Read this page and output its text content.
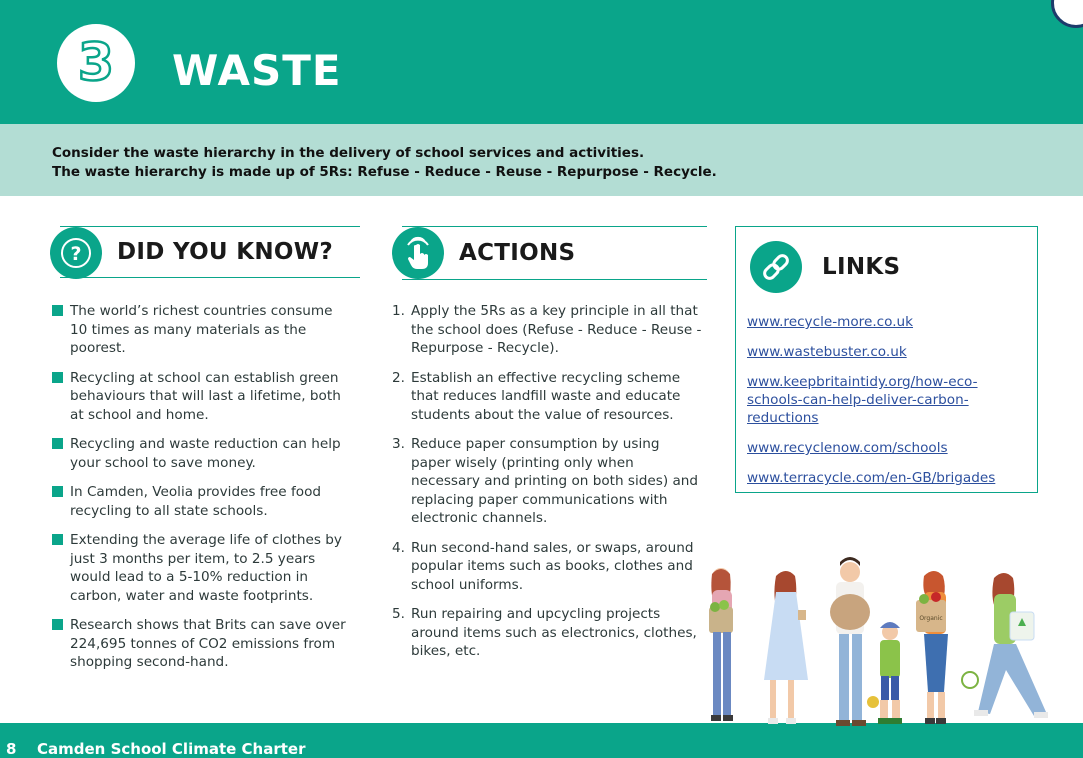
3 WASTE

Consider the waste hierarchy in the delivery of school services and activities.

The waste hierarchy is made up of 5Rs: Refuse - Reduce - Reuse - Repurpose - Recycle.

? DID YOU KNOW?
The world’s richest countries consume 10 times as many materials as the poorest.
Recycling at school can establish green behaviours that will last a lifetime, both at school and home.
Recycling and waste reduction can help your school to save money.
In Camden, Veolia provides free food recycling to all state schools.
Extending the average life of clothes by just 3 months per item, to 2.5 years would lead to a 5-10% reduction in carbon, water and waste footprints.
Research shows that Brits can save over 224,695 tonnes of CO2 emissions from shopping second-hand.
ACTIONS
1. Apply the 5Rs as a key principle in all that the school does (Refuse - Reduce - Reuse - Repurpose - Recycle).
2. Establish an effective recycling scheme that reduces landfill waste and educate students about the value of resources.
3. Reduce paper consumption by using paper wisely (printing only when necessary and printing on both sides) and replacing paper communications with electronic channels.
4. Run second-hand sales, or swaps, around popular items such as books, clothes and school uniforms.
5. Run repairing and upcycling projects around items such as electronics, clothes, bikes, etc.
LINKS
www.recycle-more.co.uk
www.wastebuster.co.uk
www.keepbritaintidy.org/how-eco-schools-can-help-deliver-carbon-reductions
www.recyclenow.com/schools
www.terracycle.com/en-GB/brigades
8 Camden School Climate Charter
Organic
